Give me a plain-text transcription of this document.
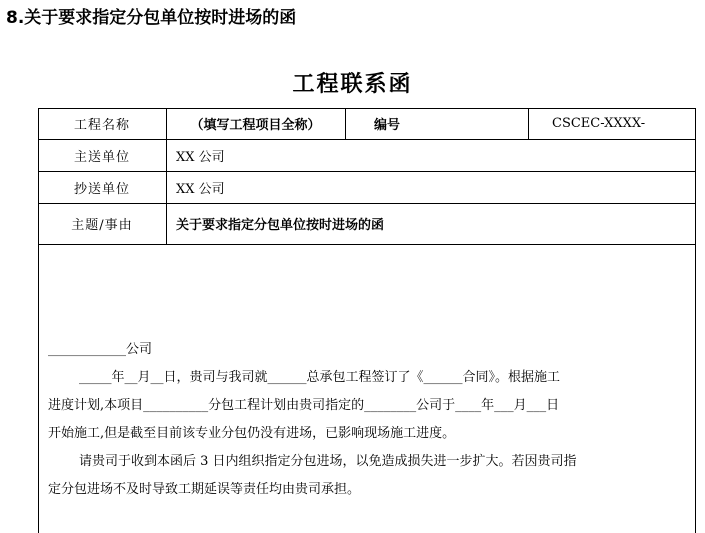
8.关于要求指定分包单位按时进场的函
工程联系函
工程名称	（填写工程项目全称）	编号	CSCEC-XXXX-
主送单位	XX 公司
抄送单位	XX 公司
主题/事由	关于要求指定分包单位按时进场的函
____________公司
_____年__月__日，贵司与我司就______总承包工程签订了《______合同》。根据施工
进度计划,本项目__________分包工程计划由贵司指定的________公司于____年___月___日
开始施工,但是截至目前该专业分包仍没有进场，已影响现场施工进度。
请贵司于收到本函后 3 日内组织指定分包进场，以免造成损失进一步扩大。若因贵司指
定分包进场不及时导致工期延误等责任均由贵司承担。
